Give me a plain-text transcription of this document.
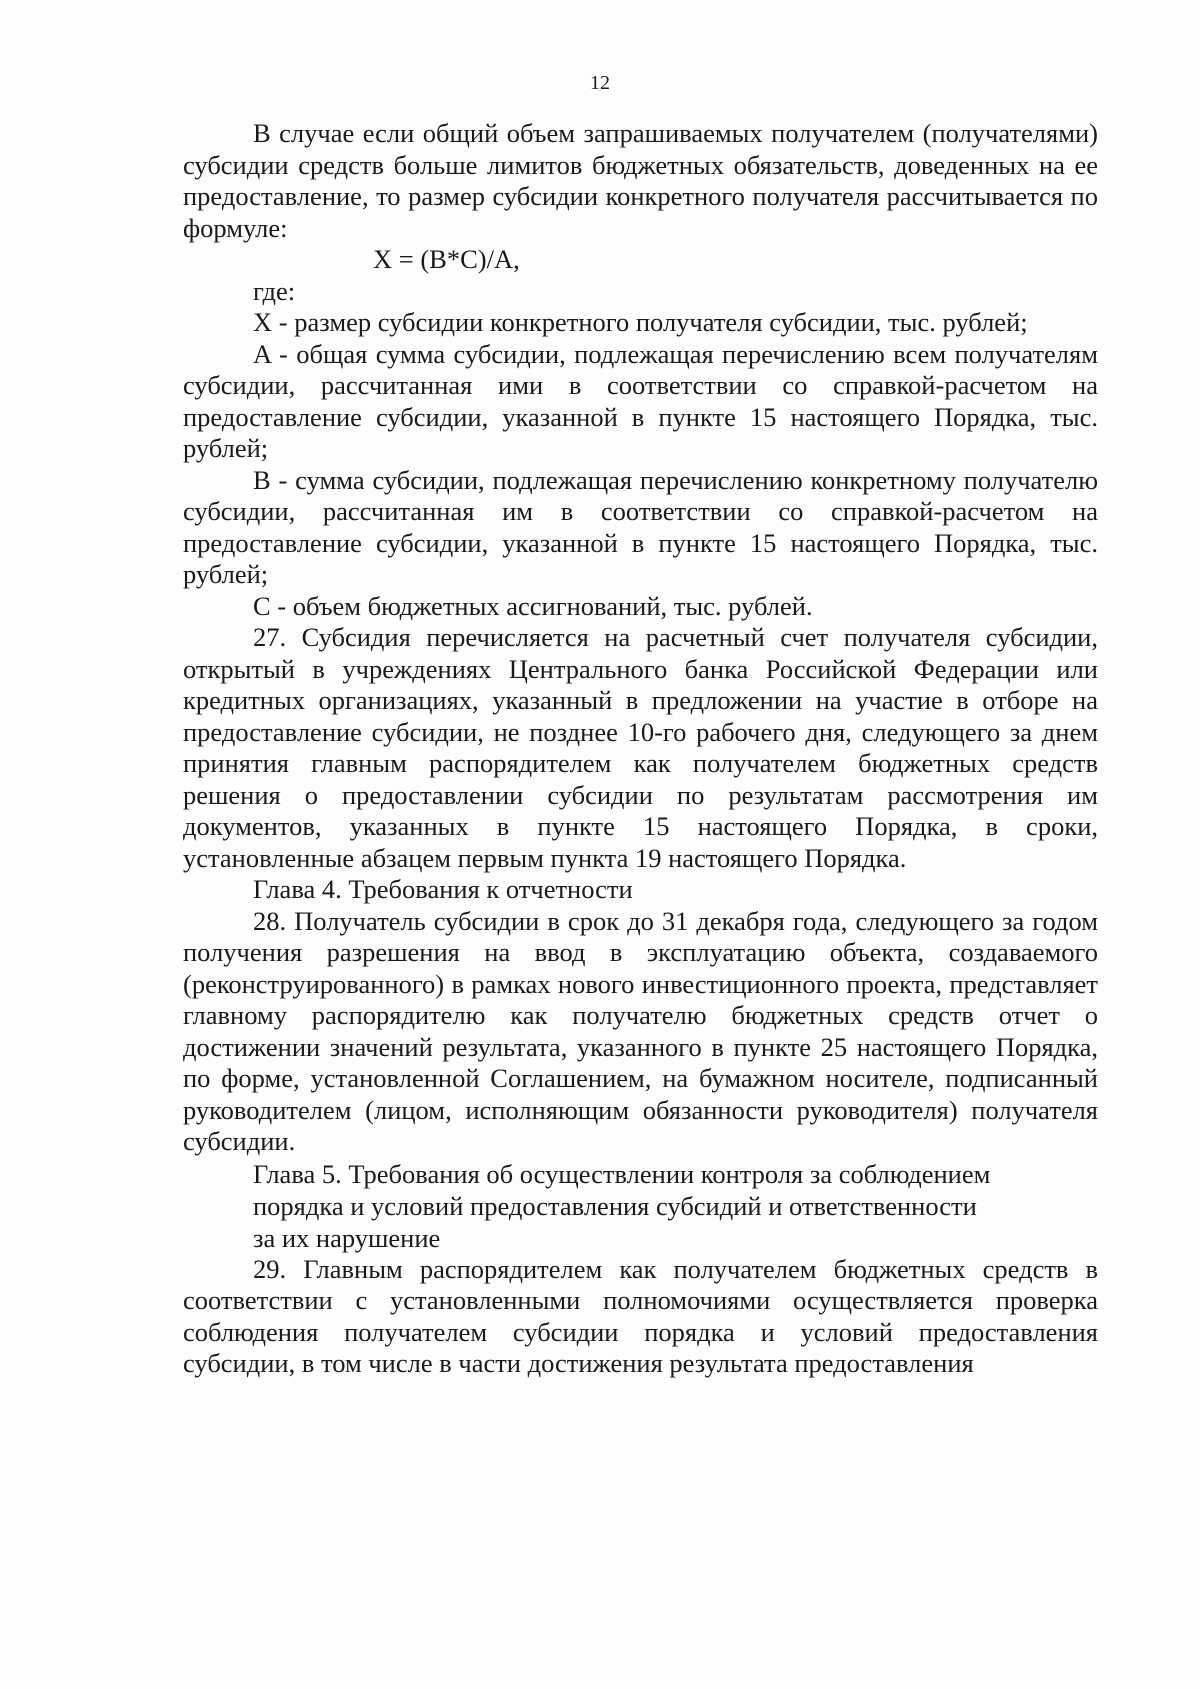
12

В случае если общий объем запрашиваемых получателем (получателями) субсидии средств больше лимитов бюджетных обязательств, доведенных на ее предоставление, то размер субсидии конкретного получателя рассчитывается по формуле:

X = (B*C)/A,

где:

X - размер субсидии конкретного получателя субсидии, тыс. рублей;

A - общая сумма субсидии, подлежащая перечислению всем получателям субсидии, рассчитанная ими в соответствии со справкой-расчетом на предоставление субсидии, указанной в пункте 15 настоящего Порядка, тыс. рублей;

B - сумма субсидии, подлежащая перечислению конкретному получателю субсидии, рассчитанная им в соответствии со справкой-расчетом на предоставление субсидии, указанной в пункте 15 настоящего Порядка, тыс. рублей;

C - объем бюджетных ассигнований, тыс. рублей.

27. Субсидия перечисляется на расчетный счет получателя субсидии, открытый в учреждениях Центрального банка Российской Федерации или кредитных организациях, указанный в предложении на участие в отборе на предоставление субсидии, не позднее 10-го рабочего дня, следующего за днем принятия главным распорядителем как получателем бюджетных средств решения о предоставлении субсидии по результатам рассмотрения им документов, указанных в пункте 15 настоящего Порядка, в сроки, установленные абзацем первым пункта 19 настоящего Порядка.

Глава 4. Требования к отчетности

28. Получатель субсидии в срок до 31 декабря года, следующего за годом получения разрешения на ввод в эксплуатацию объекта, создаваемого (реконструированного) в рамках нового инвестиционного проекта, представляет главному распорядителю как получателю бюджетных средств отчет о достижении значений результата, указанного в пункте 25 настоящего Порядка, по форме, установленной Соглашением, на бумажном носителе, подписанный руководителем (лицом, исполняющим обязанности руководителя) получателя субсидии.

Глава 5. Требования об осуществлении контроля за соблюдением
порядка и условий предоставления субсидий и ответственности
за их нарушение

29. Главным распорядителем как получателем бюджетных средств в соответствии с установленными полномочиями осуществляется проверка соблюдения получателем субсидии порядка и условий предоставления субсидии, в том числе в части достижения результата предоставления
